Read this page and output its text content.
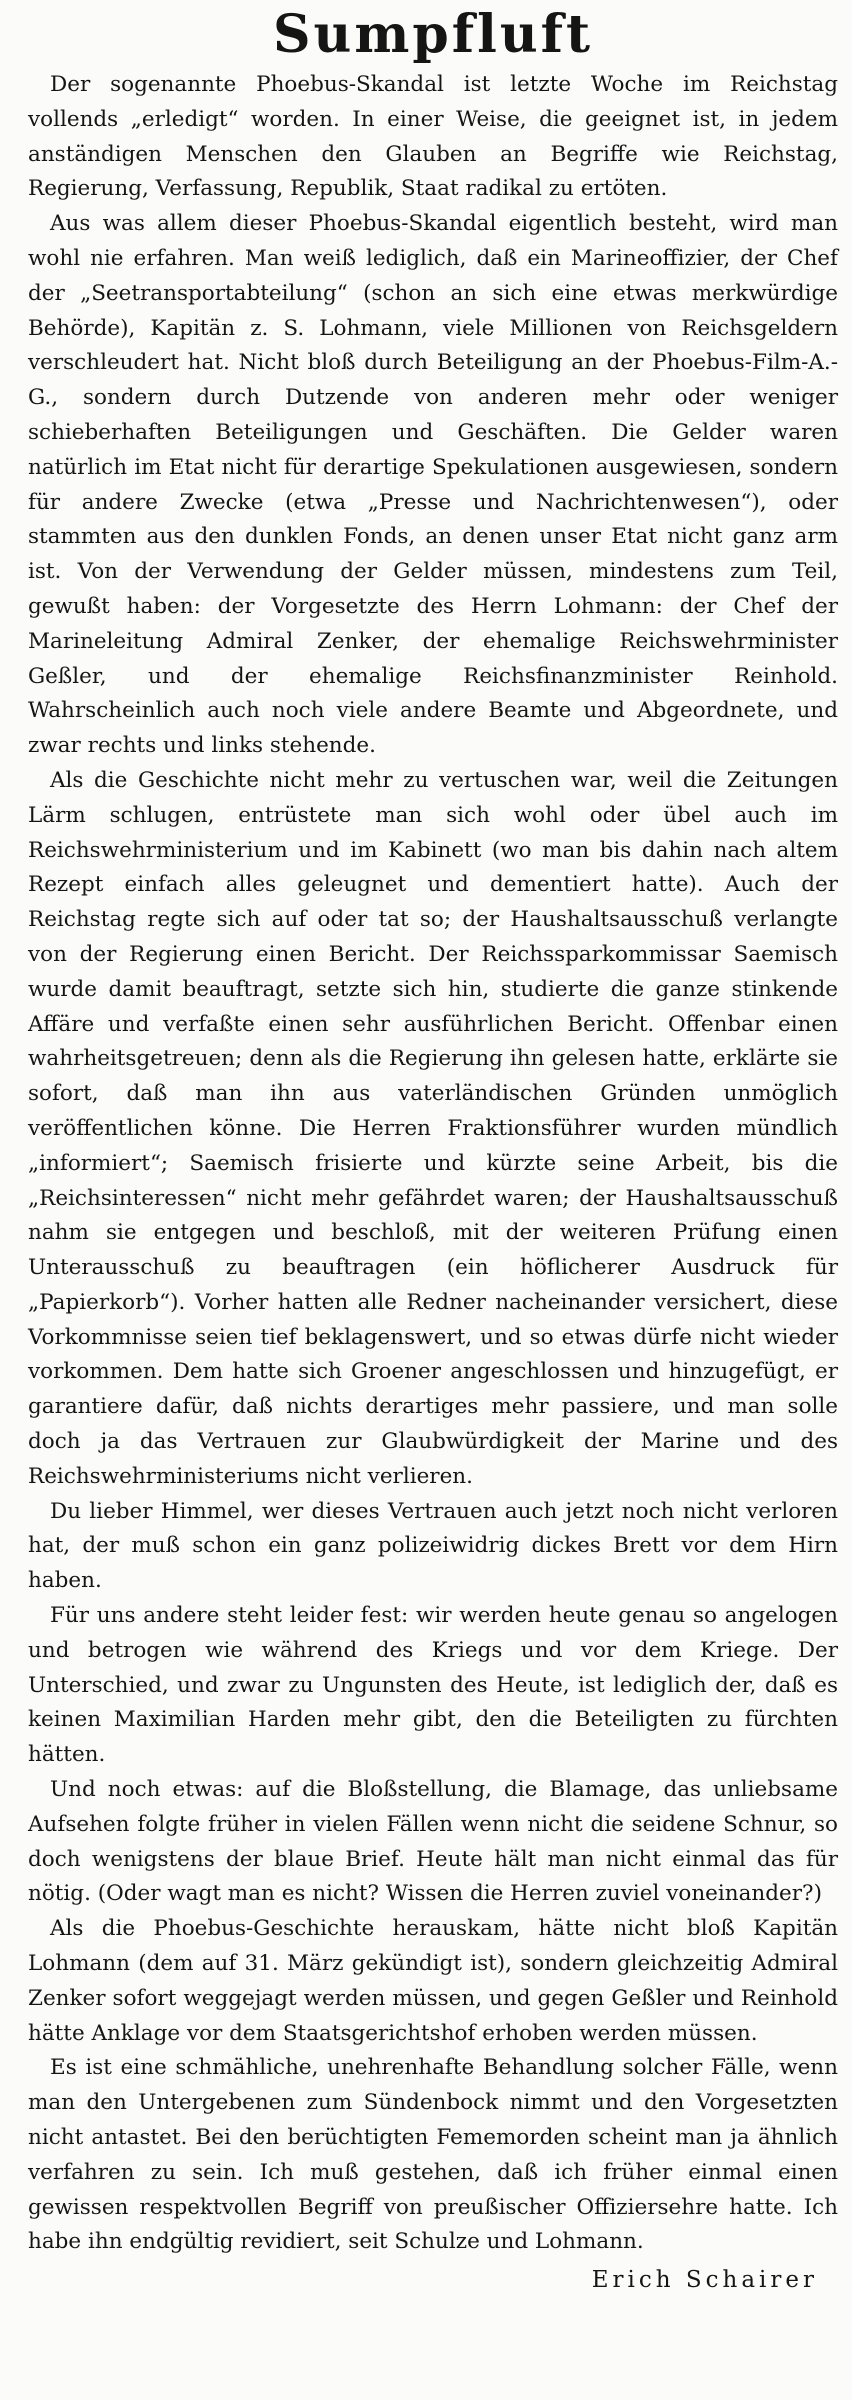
Sumpfluft

Der sogenannte Phoebus-Skandal ist letzte Woche im Reichstag vollends „erledigt“ worden. In einer Weise, die geeignet ist, in jedem anständigen Menschen den Glauben an Begriffe wie Reichstag, Regierung, Verfassung, Republik, Staat radikal zu ertöten.

Aus was allem dieser Phoebus-Skandal eigentlich besteht, wird man wohl nie erfahren. Man weiß lediglich, daß ein Marineoffizier, der Chef der „Seetransportabteilung“ (schon an sich eine etwas merkwürdige Behörde), Kapitän z. S. Lohmann, viele Millionen von Reichsgeldern verschleudert hat. Nicht bloß durch Beteiligung an der Phoebus-Film-A.-G., sondern durch Dutzende von anderen mehr oder weniger schieberhaften Beteiligungen und Geschäften. Die Gelder waren natürlich im Etat nicht für derartige Spekulationen ausgewiesen, sondern für andere Zwecke (etwa „Presse und Nachrichtenwesen“), oder stammten aus den dunklen Fonds, an denen unser Etat nicht ganz arm ist. Von der Verwendung der Gelder müssen, mindestens zum Teil, gewußt haben: der Vorgesetzte des Herrn Lohmann: der Chef der Marineleitung Admiral Zenker, der ehemalige Reichswehrminister Geßler, und der ehemalige Reichsfinanzminister Reinhold. Wahrscheinlich auch noch viele andere Beamte und Abgeordnete, und zwar rechts und links stehende.

Als die Geschichte nicht mehr zu vertuschen war, weil die Zeitungen Lärm schlugen, entrüstete man sich wohl oder übel auch im Reichswehrministerium und im Kabinett (wo man bis dahin nach altem Rezept einfach alles geleugnet und dementiert hatte). Auch der Reichstag regte sich auf oder tat so; der Haushaltsausschuß verlangte von der Regierung einen Bericht. Der Reichssparkommissar Saemisch wurde damit beauftragt, setzte sich hin, studierte die ganze stinkende Affäre und verfaßte einen sehr ausführlichen Bericht. Offenbar einen wahrheitsgetreuen; denn als die Regierung ihn gelesen hatte, erklärte sie sofort, daß man ihn aus vaterländischen Gründen unmöglich veröffentlichen könne. Die Herren Fraktionsführer wurden mündlich „informiert“; Saemisch frisierte und kürzte seine Arbeit, bis die „Reichsinteressen“ nicht mehr gefährdet waren; der Haushaltsausschuß nahm sie entgegen und beschloß, mit der weiteren Prüfung einen Unterausschuß zu beauftragen (ein höflicherer Ausdruck für „Papierkorb“). Vorher hatten alle Redner nacheinander versichert, diese Vorkommnisse seien tief beklagenswert, und so etwas dürfe nicht wieder vorkommen. Dem hatte sich Groener angeschlossen und hinzugefügt, er garantiere dafür, daß nichts derartiges mehr passiere, und man solle doch ja das Vertrauen zur Glaubwürdigkeit der Marine und des Reichswehrministeriums nicht verlieren.

Du lieber Himmel, wer dieses Vertrauen auch jetzt noch nicht verloren hat, der muß schon ein ganz polizeiwidrig dickes Brett vor dem Hirn haben.

Für uns andere steht leider fest: wir werden heute genau so angelogen und betrogen wie während des Kriegs und vor dem Kriege. Der Unterschied, und zwar zu Ungunsten des Heute, ist lediglich der, daß es keinen Maximilian Harden mehr gibt, den die Beteiligten zu fürchten hätten.

Und noch etwas: auf die Bloßstellung, die Blamage, das unliebsame Aufsehen folgte früher in vielen Fällen wenn nicht die seidene Schnur, so doch wenigstens der blaue Brief. Heute hält man nicht einmal das für nötig. (Oder wagt man es nicht? Wissen die Herren zuviel voneinander?)

Als die Phoebus-Geschichte herauskam, hätte nicht bloß Kapitän Lohmann (dem auf 31. März gekündigt ist), sondern gleichzeitig Admiral Zenker sofort weggejagt werden müssen, und gegen Geßler und Reinhold hätte Anklage vor dem Staatsgerichtshof erhoben werden müssen.

Es ist eine schmähliche, unehrenhafte Behandlung solcher Fälle, wenn man den Untergebenen zum Sündenbock nimmt und den Vorgesetzten nicht antastet. Bei den berüchtigten Fememorden scheint man ja ähnlich verfahren zu sein. Ich muß gestehen, daß ich früher einmal einen gewissen respektvollen Begriff von preußischer Offiziersehre hatte. Ich habe ihn endgültig revidiert, seit Schulze und Lohmann.

Erich Schairer
